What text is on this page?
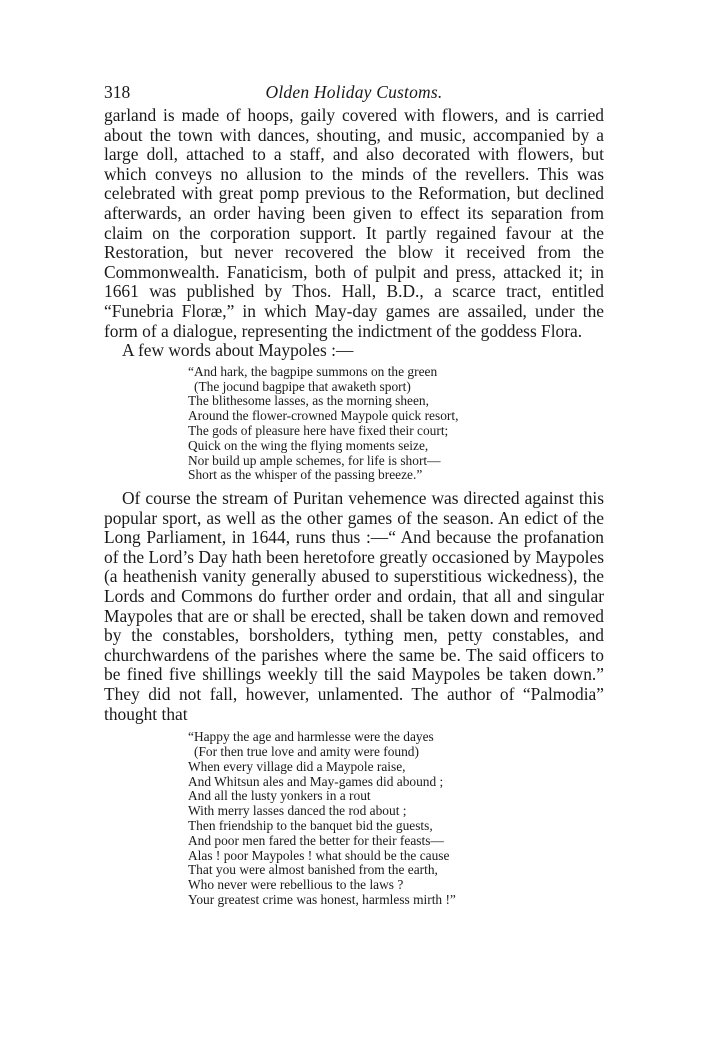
318	Olden Holiday Customs.

garland is made of hoops, gaily covered with flowers, and is carried about the town with dances, shouting, and music, accompanied by a large doll, attached to a staff, and also decorated with flowers, but which conveys no allusion to the minds of the revellers. This was celebrated with great pomp previous to the Reformation, but declined afterwards, an order having been given to effect its separation from claim on the corporation support. It partly regained favour at the Restoration, but never recovered the blow it received from the Commonwealth. Fanaticism, both of pulpit and press, attacked it; in 1661 was published by Thos. Hall, B.D., a scarce tract, entitled “Funebria Floræ,” in which May-day games are assailed, under the form of a dialogue, representing the indictment of the goddess Flora.

A few words about Maypoles :—

“And hark, the bagpipe summons on the green
(The jocund bagpipe that awaketh sport)
The blithesome lasses, as the morning sheen,
Around the flower-crowned Maypole quick resort,
The gods of pleasure here have fixed their court;
Quick on the wing the flying moments seize,
Nor build up ample schemes, for life is short—
Short as the whisper of the passing breeze.”

Of course the stream of Puritan vehemence was directed against this popular sport, as well as the other games of the season. An edict of the Long Parliament, in 1644, runs thus :—“ And because the profanation of the Lord’s Day hath been heretofore greatly occasioned by Maypoles (a heathenish vanity generally abused to superstitious wickedness), the Lords and Commons do further order and ordain, that all and singular Maypoles that are or shall be erected, shall be taken down and removed by the constables, borsholders, tything men, petty constables, and churchwardens of the parishes where the same be. The said officers to be fined five shillings weekly till the said Maypoles be taken down.” They did not fall, however, unlamented. The author of “Palmodia” thought that

“Happy the age and harmlesse were the dayes
(For then true love and amity were found)
When every village did a Maypole raise,
And Whitsun ales and May-games did abound ;
And all the lusty yonkers in a rout
With merry lasses danced the rod about ;
Then friendship to the banquet bid the guests,
And poor men fared the better for their feasts—
Alas ! poor Maypoles ! what should be the cause
That you were almost banished from the earth,
Who never were rebellious to the laws ?
Your greatest crime was honest, harmless mirth !”
